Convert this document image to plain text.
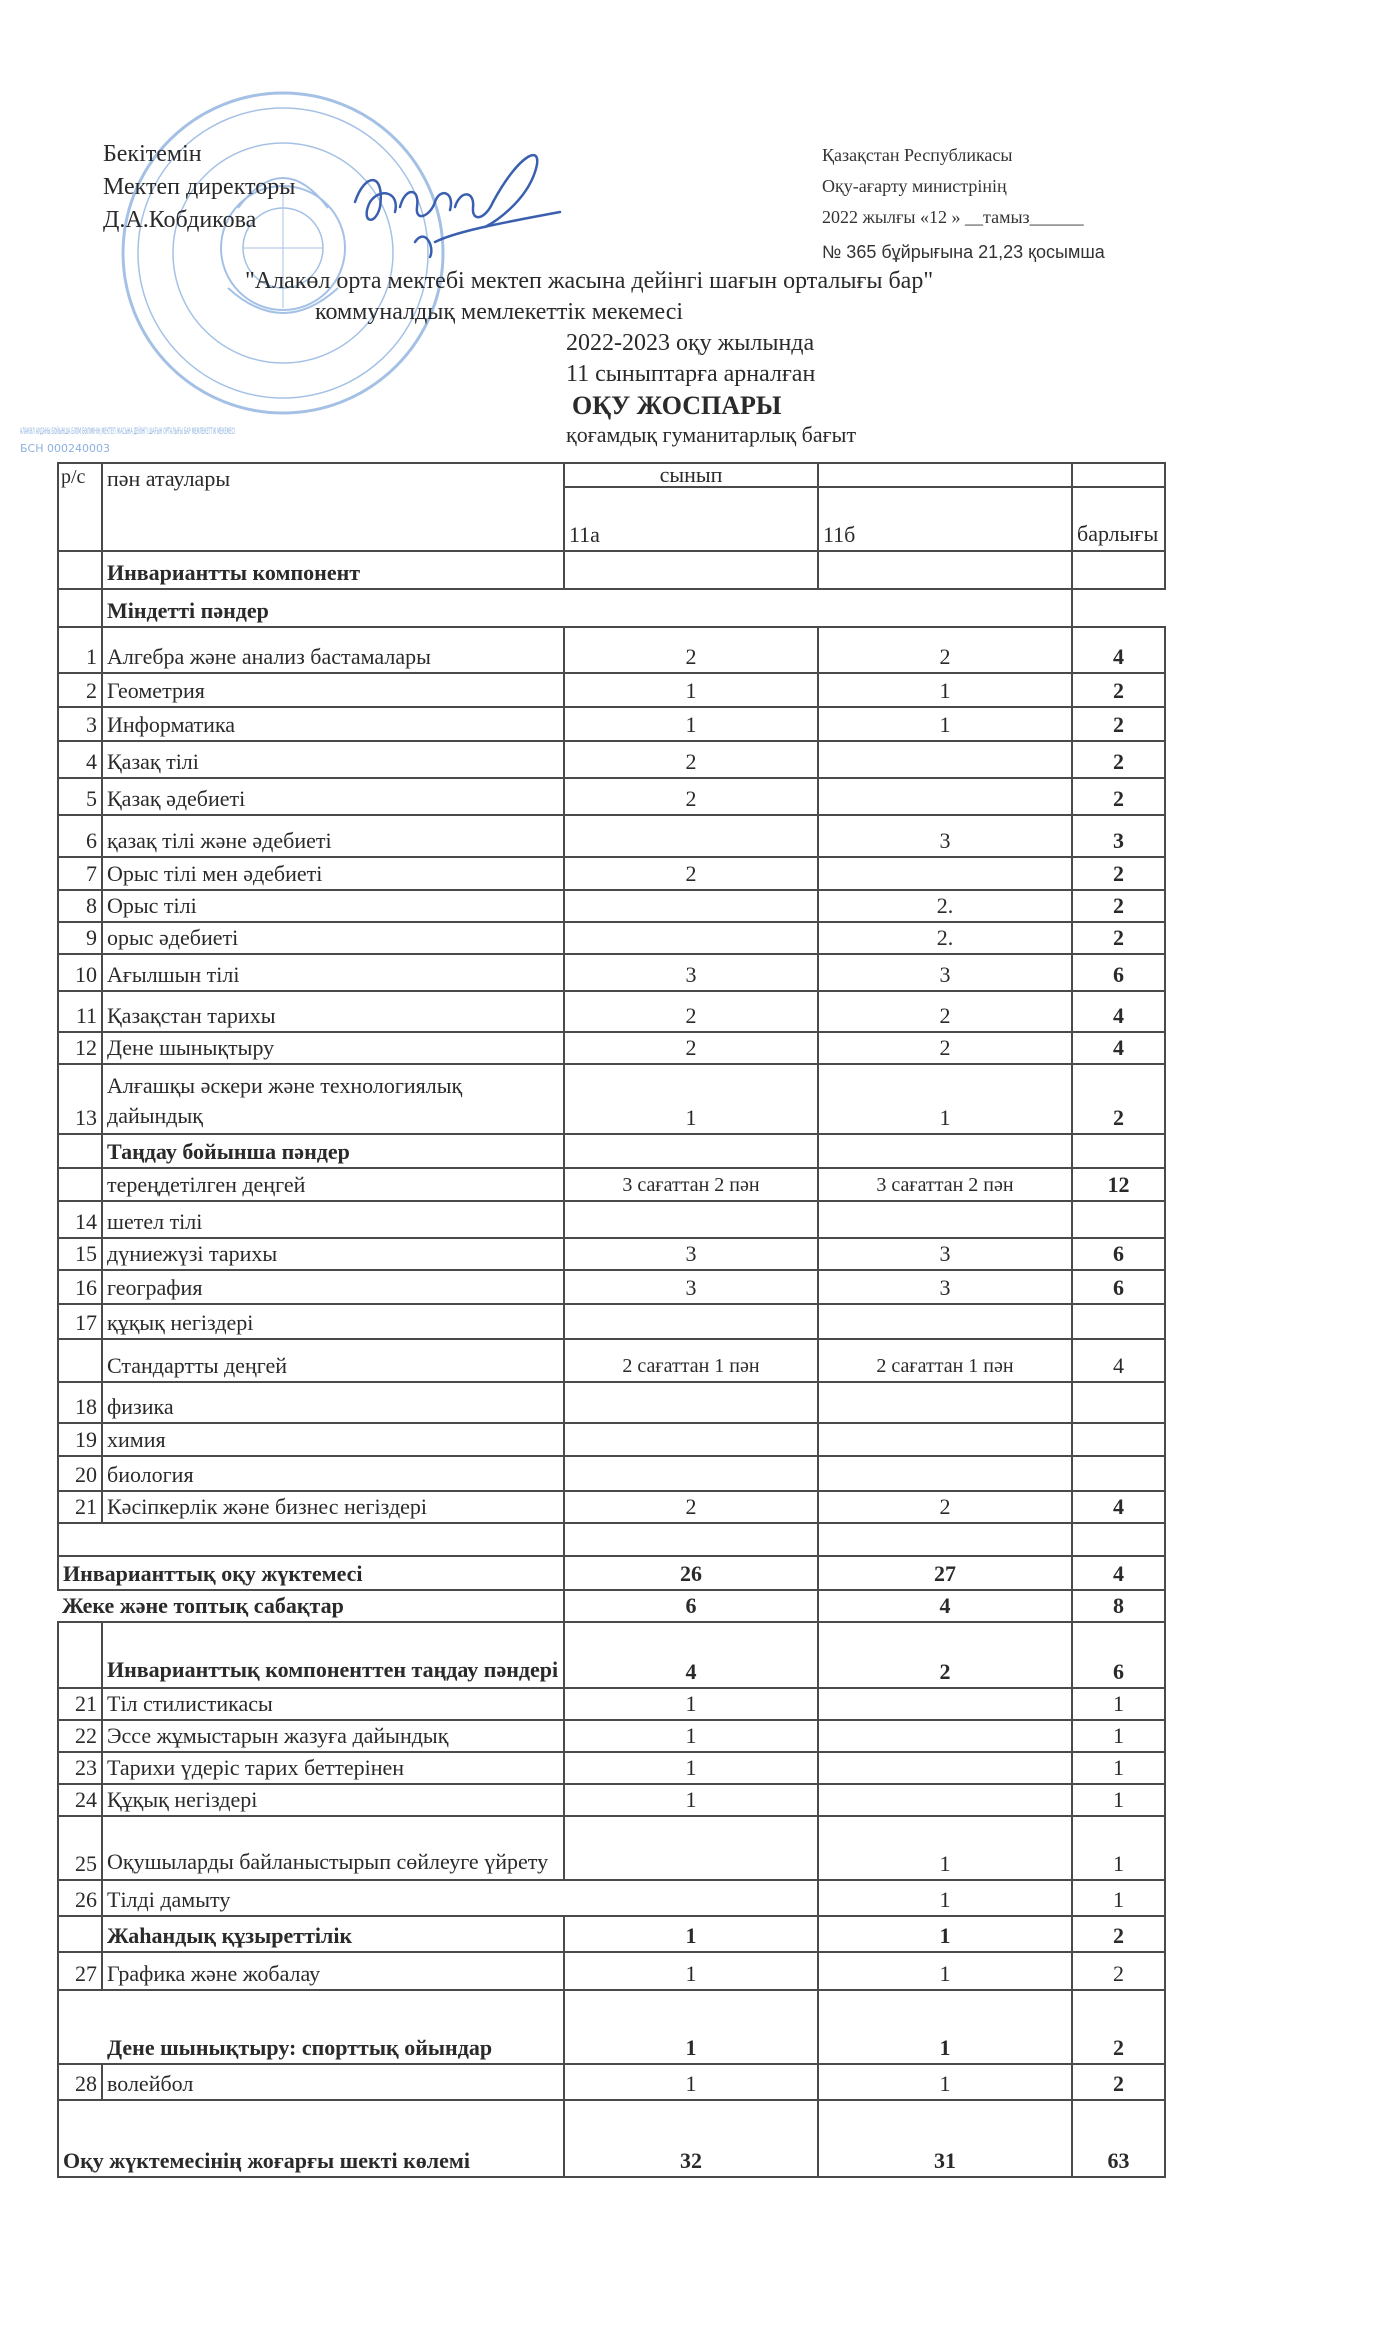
АЛАКӨЛ АУДАНЫ БОЙЫНША БІЛІМ БӨЛІМІНІҢ МЕКТЕП ЖАСЫНА ДЕЙІНГІ ШАҒЫН ОРТАЛЫҒЫ БАР МЕМЛЕКЕТТІК МЕКЕМЕСІ
БСН 000240003
Бекітемін
Мектеп директоры
Д.А.Кобдикова
Қазақстан Республикасы
Оқу-ағарту министрінің
2022 жылғы «12 » __тамыз______
№ 365 бұйрығына 21,23 қосымша
"Алакөл орта мектебі мектеп жасына дейінгі шағын орталығы бар"
коммуналдық мемлекеттік мекемесі
2022-2023 оқу жылында
11 сыныптарға арналған
ОҚУ ЖОСПАРЫ
қоғамдық гуманитарлық бағыт
р/с	пән атаулары	сынып		
		11а	11б	барлығы
	Инвариантты компонент			
	Міндетті пәндер			
1	Алгебра және анализ бастамалары	2	2	4
2	Геометрия	1	1	2
3	Информатика	1	1	2
4	Қазақ тілі	2		2
5	Қазақ әдебиеті	2		2
6	қазақ тілі және әдебиеті		3	3
7	Орыс тілі мен әдебиеті	2		2
8	Орыс тілі		2.	2
9	орыс әдебиеті		2.	2
10	Ағылшын тілі	3	3	6
11	Қазақстан тарихы	2	2	4
12	Дене шынықтыру	2	2	4
13	Алғашқы әскери және технологиялық дайындық	1	1	2
	Таңдау бойынша пәндер			
	тереңдетілген деңгей	3 сағаттан 2 пән	3 сағаттан 2 пән	12
14	шетел тілі			
15	дүниежүзі тарихы	3	3	6
16	география	3	3	6
17	құқық негіздері			
	Стандартты деңгей	2 сағаттан 1 пән	2 сағаттан 1 пән	4
18	физика			
19	химия			
20	биология			
21	Кәсіпкерлік және бизнес негіздері	2	2	4

Инварианттық оқу жүктемесі		26	27	4
Жеке және топтық сабақтар		6	4	8
	Инварианттық компоненттен таңдау пәндері	4	2	6
21	Тіл стилистикасы	1		1
22	Эссе жұмыстарын жазуға дайындық	1		1
23	Тарихи үдеріс тарих беттерінен	1		1
24	Құқық негіздері	1		1
25	Оқушыларды байланыстырып сөйлеуге үйрету		1	1
26	Тілді дамыту		1	1
	Жаһандық құзыреттілік	1	1	2
27	Графика және жобалау	1	1	2
Дене шынықтыру: спорттық ойындар		1	1	2
28	волейбол	1	1	2
Оқу жүктемесінің жоғарғы шекті көлемі		32	31	63
